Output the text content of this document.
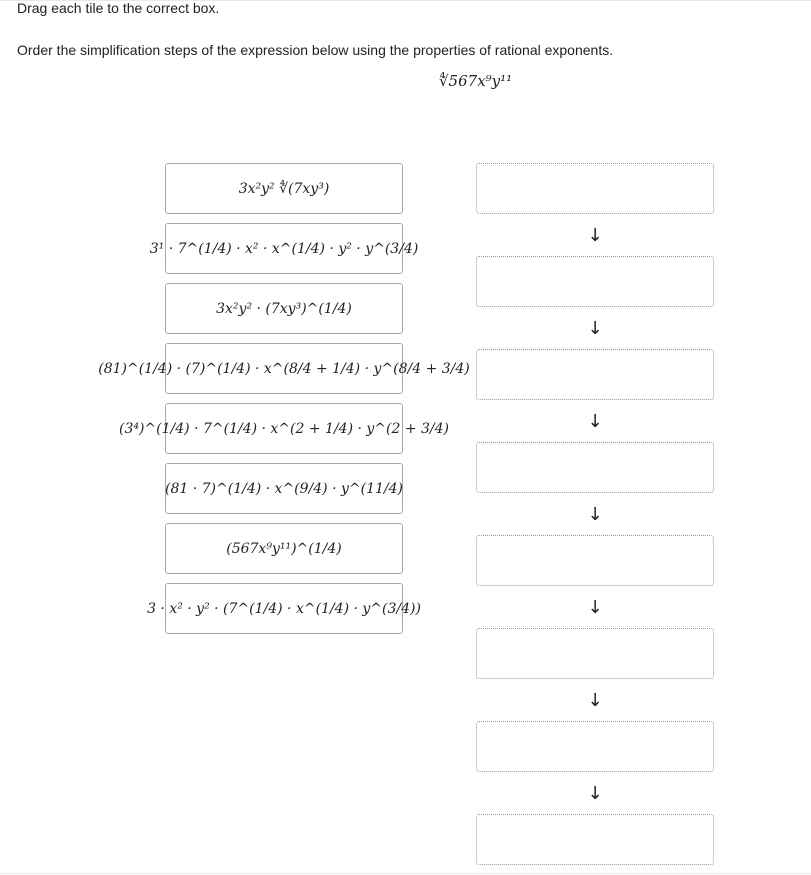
Drag each tile to the correct box.
Order the simplification steps of the expression below using the properties of rational exponents.
∜567x⁹y¹¹
3x²y² ∜(7xy³)
3¹ · 7^(1/4) · x² · x^(1/4) · y² · y^(3/4)
3x²y² · (7xy³)^(1/4)
(81)^(1/4) · (7)^(1/4) · x^(8/4 + 1/4) · y^(8/4 + 3/4)
(3⁴)^(1/4) · 7^(1/4) · x^(2 + 1/4) · y^(2 + 3/4)
(81 · 7)^(1/4) · x^(9/4) · y^(11/4)
(567x⁹y¹¹)^(1/4)
3 · x² · y² · (7^(1/4) · x^(1/4) · y^(3/4))
↓
↓
↓
↓
↓
↓
↓
